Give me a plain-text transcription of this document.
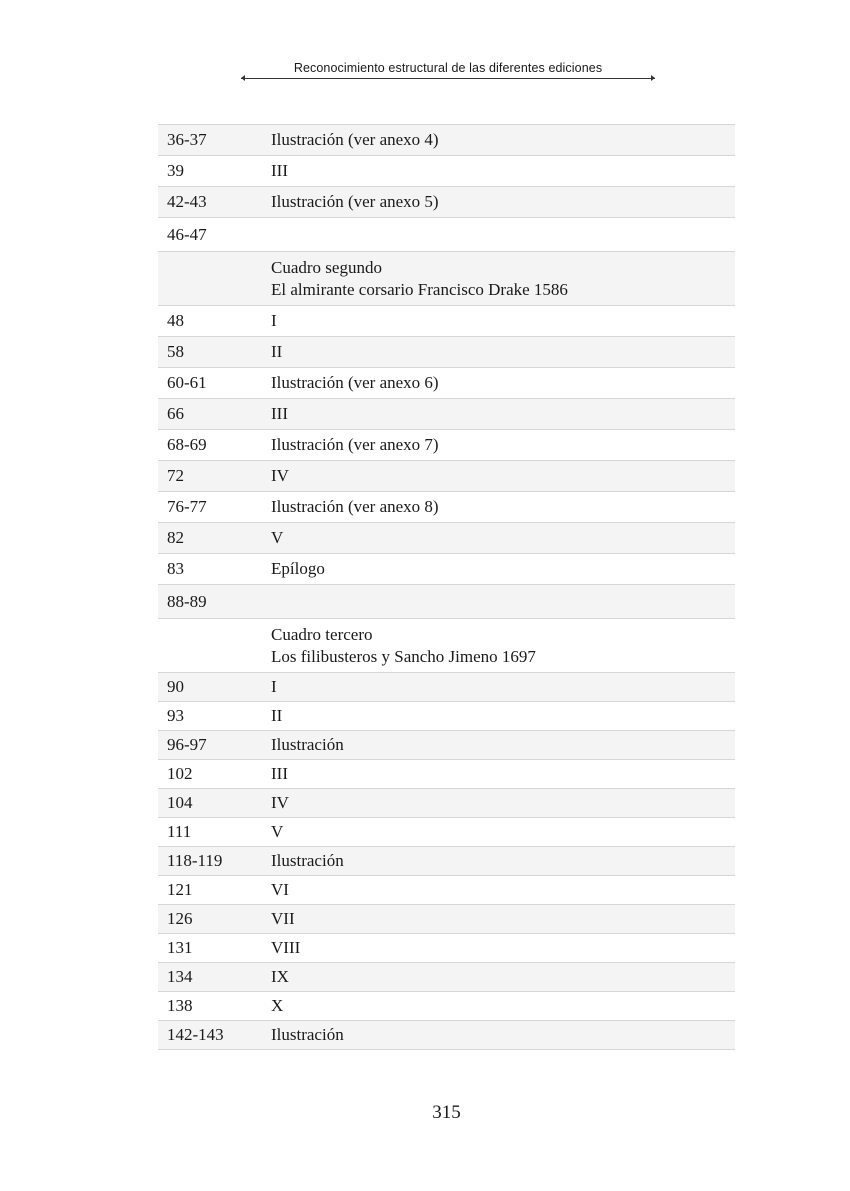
Reconocimiento estructural de las diferentes ediciones
36-37	Ilustración (ver anexo 4)
39	III
42-43	Ilustración (ver anexo 5)
46-47
Cuadro segundo
El almirante corsario Francisco Drake 1586
48	I
58	II
60-61	Ilustración (ver anexo 6)
66	III
68-69	Ilustración (ver anexo 7)
72	IV
76-77	Ilustración (ver anexo 8)
82	V
83	Epílogo
88-89
Cuadro tercero
Los filibusteros y Sancho Jimeno 1697
90	I
93	II
96-97	Ilustración
102	III
104	IV
111	V
118-119	Ilustración
121	VI
126	VII
131	VIII
134	IX
138	X
142-143	Ilustración
315
